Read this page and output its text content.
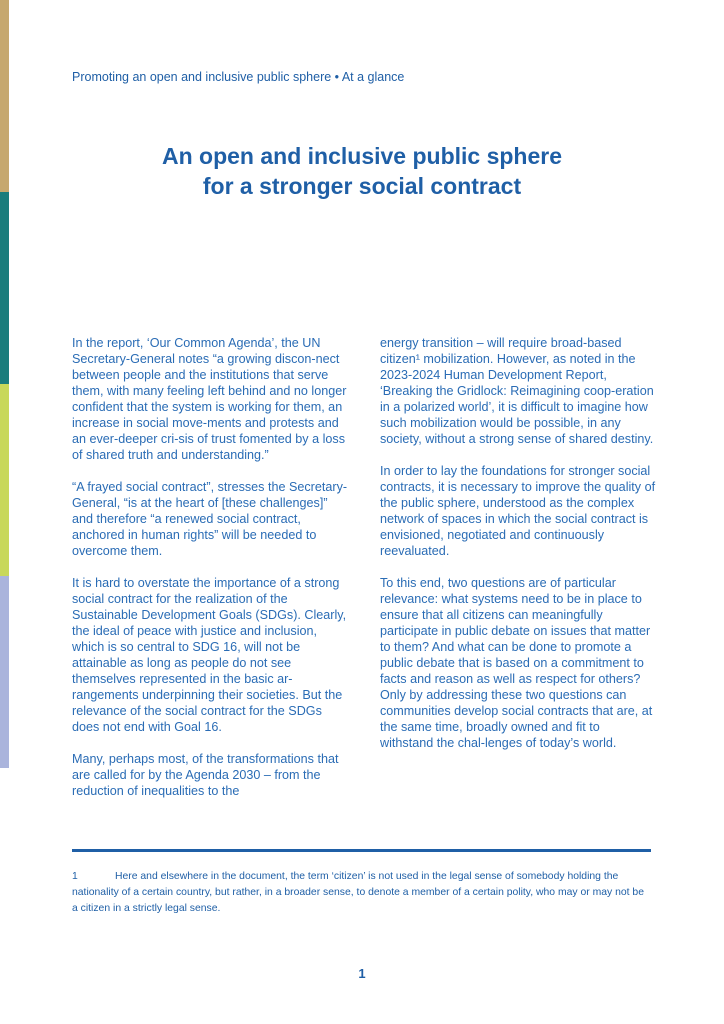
Promoting an open and inclusive public sphere • At a glance
An open and inclusive public sphere
for a stronger social contract

In the report, ‘Our Common Agenda’, the UN Secretary-General notes “a growing discon-nect between people and the institutions that serve them, with many feeling left behind and no longer confident that the system is working for them, an increase in social move-ments and protests and an ever-deeper cri-sis of trust fomented by a loss of shared truth and understanding.”

“A frayed social contract”, stresses the Secretary-General, “is at the heart of [these challenges]” and therefore “a renewed social contract, anchored in human rights” will be needed to overcome them.

It is hard to overstate the importance of a strong social contract for the realization of the Sustainable Development Goals (SDGs). Clearly, the ideal of peace with justice and inclusion, which is so central to SDG 16, will not be attainable as long as people do not see themselves represented in the basic ar-rangements underpinning their societies. But the relevance of the social contract for the SDGs does not end with Goal 16.

Many, perhaps most, of the transformations that are called for by the Agenda 2030 – from the reduction of inequalities to the

energy transition – will require broad-based citizen¹ mobilization. However, as noted in the 2023-2024 Human Development Report, ‘Breaking the Gridlock: Reimagining coop-eration in a polarized world’, it is difficult to imagine how such mobilization would be possible, in any society, without a strong sense of shared destiny.

In order to lay the foundations for stronger social contracts, it is necessary to improve the quality of the public sphere, understood as the complex network of spaces in which the social contract is envisioned, negotiated and continuously reevaluated.

To this end, two questions are of particular relevance: what systems need to be in place to ensure that all citizens can meaningfully participate in public debate on issues that matter to them? And what can be done to promote a public debate that is based on a commitment to facts and reason as well as respect for others? Only by addressing these two questions can communities develop social contracts that are, at the same time, broadly owned and fit to withstand the chal-lenges of today’s world.

1	Here and elsewhere in the document, the term ‘citizen’ is not used in the legal sense of somebody holding the nationality of a certain country, but rather, in a broader sense, to denote a member of a certain polity, who may or may not be a citizen in a strictly legal sense.
1
